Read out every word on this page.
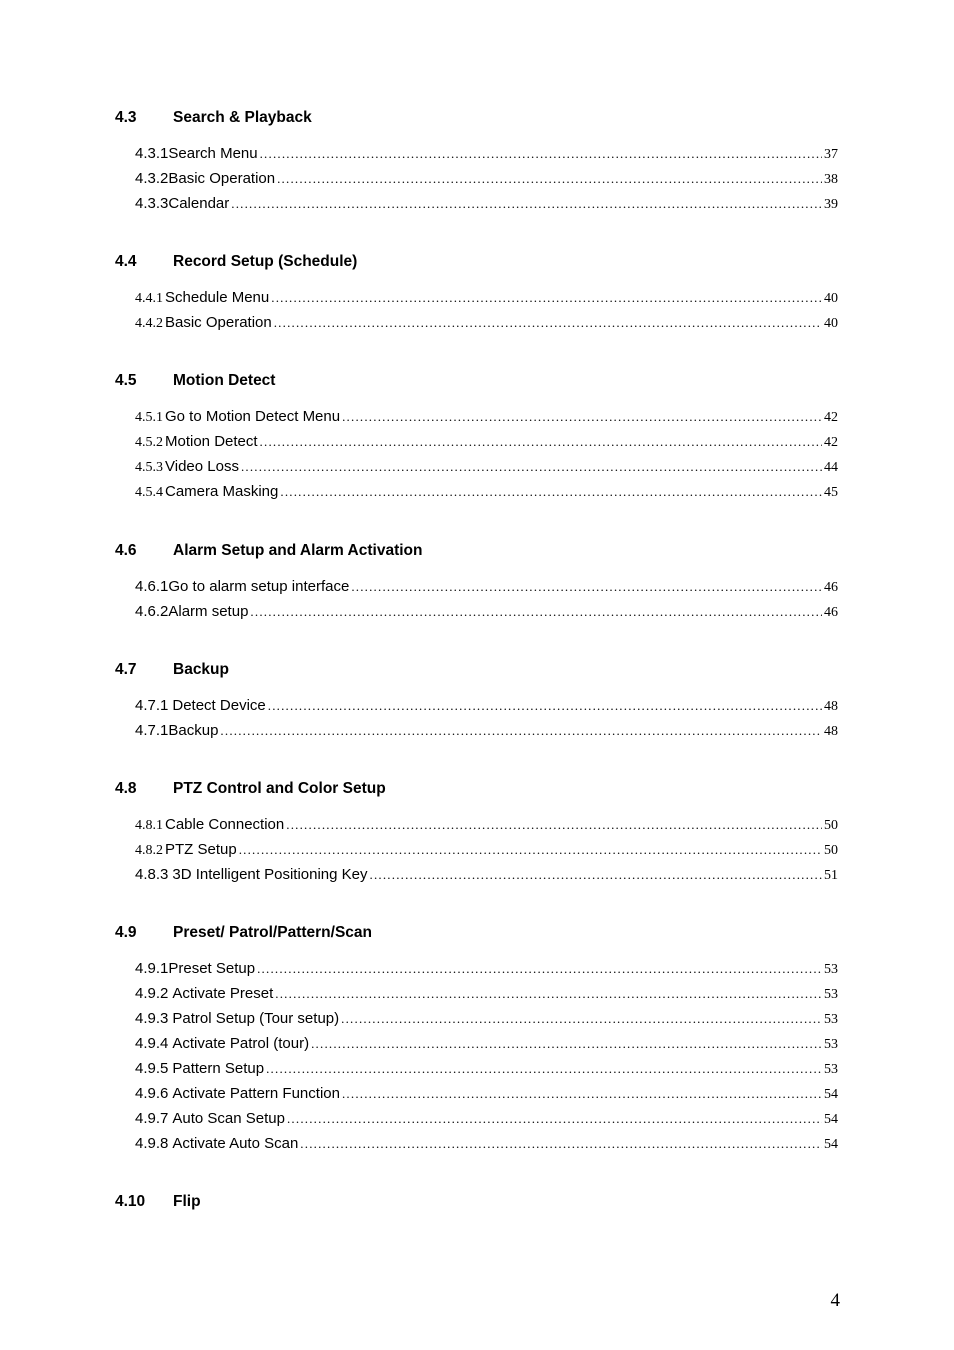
4.3 Search & Playback
4.3.1 Search Menu .....	37
4.3.2 Basic Operation .....	38
4.3.3 Calendar .....	39
4.4 Record Setup (Schedule)
4.4.1 Schedule Menu .....	40
4.4.2 Basic Operation .....	40
4.5 Motion Detect
4.5.1 Go to Motion Detect Menu .....	42
4.5.2 Motion Detect .....	42
4.5.3 Video Loss .....	44
4.5.4 Camera Masking .....	45
4.6 Alarm Setup and Alarm Activation
4.6.1 Go to alarm setup interface .....	46
4.6.2 Alarm setup .....	46
4.7 Backup
4.7.1 Detect Device .....	48
4.7.1 Backup .....	48
4.8 PTZ Control and Color Setup
4.8.1 Cable Connection .....	50
4.8.2 PTZ Setup .....	50
4.8.3 3D Intelligent Positioning Key .....	51
4.9 Preset/ Patrol/Pattern/Scan
4.9.1 Preset Setup .....	53
4.9.2 Activate Preset .....	53
4.9.3 Patrol Setup (Tour setup) .....	53
4.9.4 Activate Patrol (tour) .....	53
4.9.5 Pattern Setup .....	53
4.9.6 Activate Pattern Function .....	54
4.9.7 Auto Scan Setup .....	54
4.9.8 Activate Auto Scan .....	54
4.10 Flip
4
